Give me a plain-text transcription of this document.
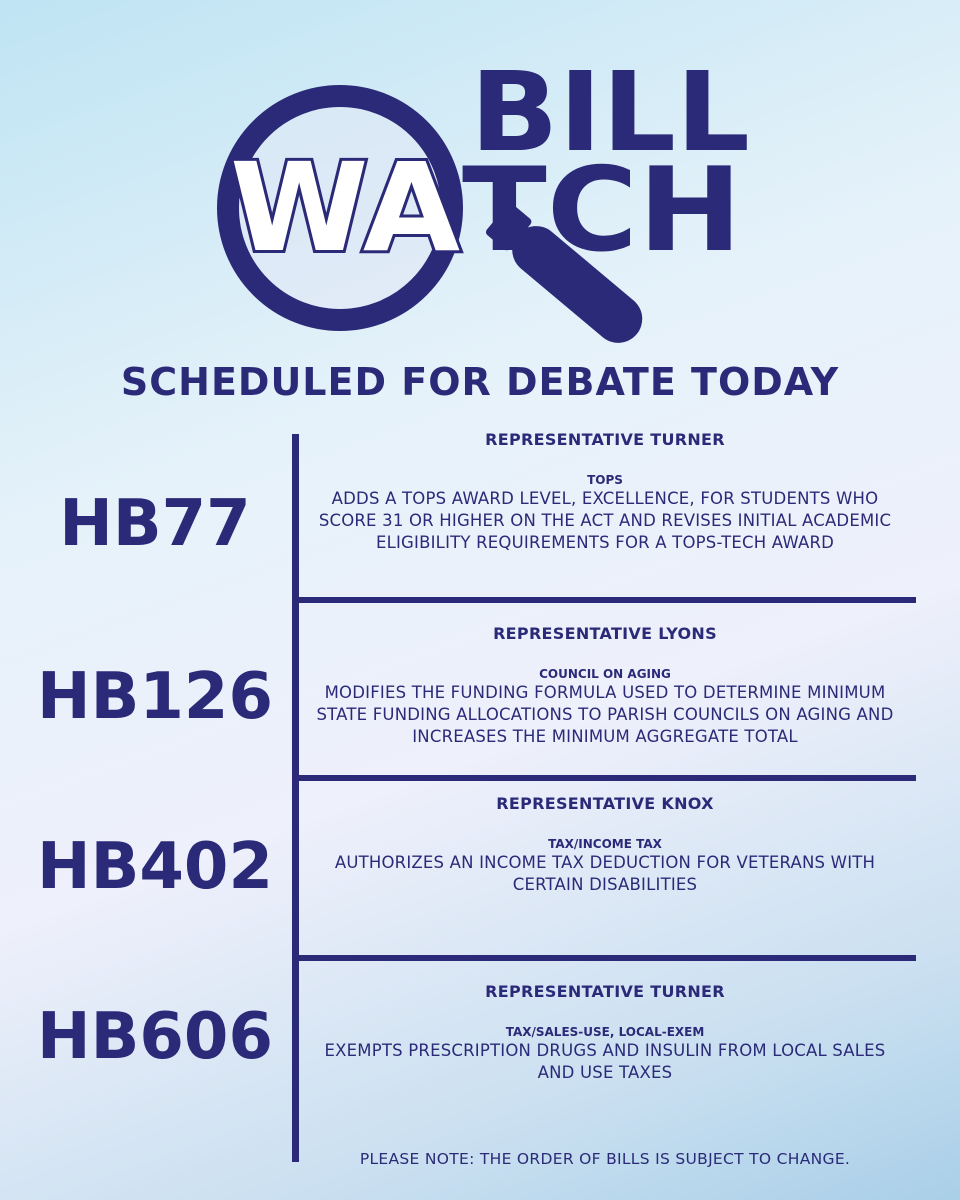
BILL
WA TCH
SCHEDULED FOR DEBATE TODAY
HB77
REPRESENTATIVE TURNER
TOPS
ADDS A TOPS AWARD LEVEL, EXCELLENCE, FOR STUDENTS WHO SCORE 31 OR HIGHER ON THE ACT AND REVISES INITIAL ACADEMIC ELIGIBILITY REQUIREMENTS FOR A TOPS-TECH AWARD
HB126
REPRESENTATIVE LYONS
COUNCIL ON AGING
MODIFIES THE FUNDING FORMULA USED TO DETERMINE MINIMUM STATE FUNDING ALLOCATIONS TO PARISH COUNCILS ON AGING AND INCREASES THE MINIMUM AGGREGATE TOTAL
HB402
REPRESENTATIVE KNOX
TAX/INCOME TAX
AUTHORIZES AN INCOME TAX DEDUCTION FOR VETERANS WITH CERTAIN DISABILITIES
HB606
REPRESENTATIVE TURNER
TAX/SALES-USE, LOCAL-EXEM
EXEMPTS PRESCRIPTION DRUGS AND INSULIN FROM LOCAL SALES AND USE TAXES
PLEASE NOTE: THE ORDER OF BILLS IS SUBJECT TO CHANGE.
